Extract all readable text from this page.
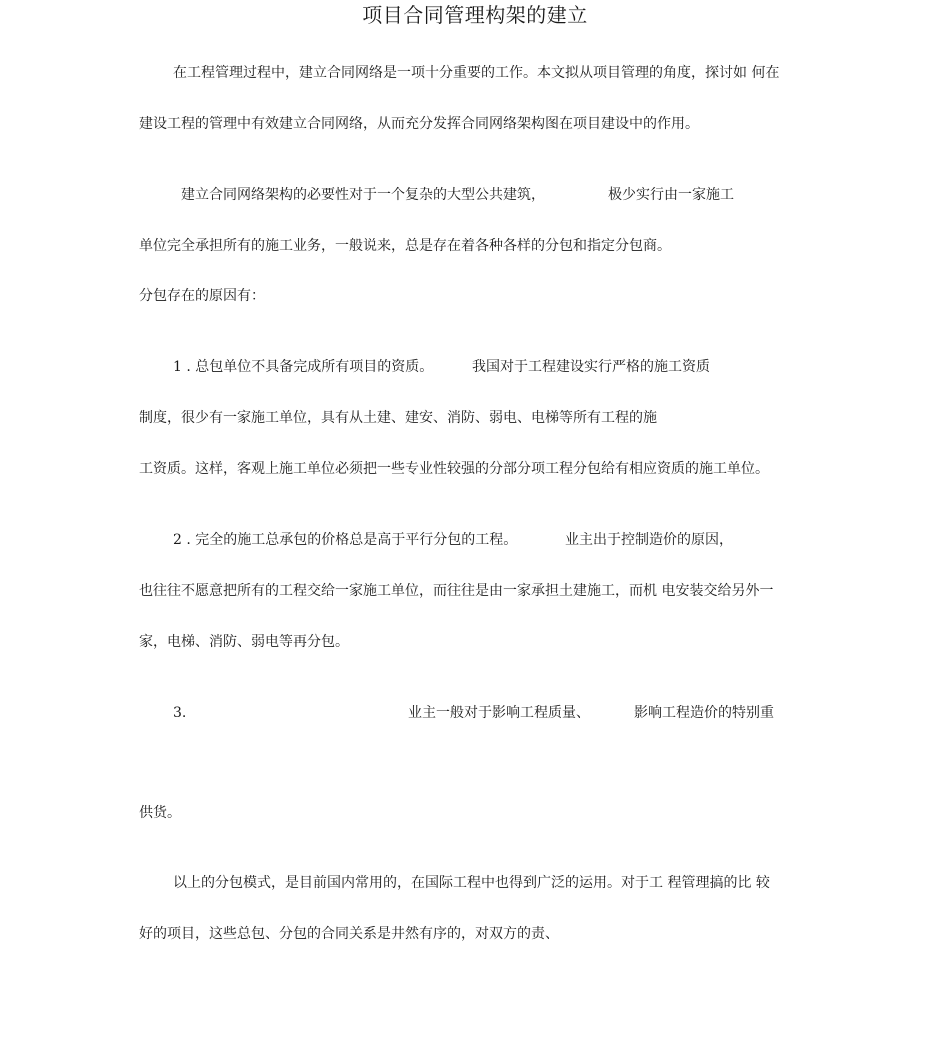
项目合同管理构架的建立
在工程管理过程中，建立合同网络是一项十分重要的工作。本文拟从项目管理的角度，探讨如 何在
建设工程的管理中有效建立合同网络，从而充分发挥合同网络架构图在项目建设中的作用。
建立合同网络架构的必要性对于一个复杂的大型公共建筑，	极少实行由一家施工
单位完全承担所有的施工业务，一般说来，总是存在着各种各样的分包和指定分包商。
分包存在的原因有：
1 . 总包单位不具备完成所有项目的资质。	我国对于工程建设实行严格的施工资质
制度，很少有一家施工单位，具有从土建、建安、消防、弱电、电梯等所有工程的施
工资质。这样，客观上施工单位必须把一些专业性较强的分部分项工程分包给有相应资质的施工单位。
2 . 完全的施工总承包的价格总是高于平行分包的工程。	业主出于控制造价的原因，
也往往不愿意把所有的工程交给一家施工单位，而往往是由一家承担土建施工，而机 电安装交给另外一
家，电梯、消防、弱电等再分包。
3.	业主一般对于影响工程质量、	影响工程造价的特别重
供货。
以上的分包模式，是目前国内常用的，在国际工程中也得到广泛的运用。对于工 程管理搞的比 较
好的项目，这些总包、分包的合同关系是井然有序的，对双方的责、
